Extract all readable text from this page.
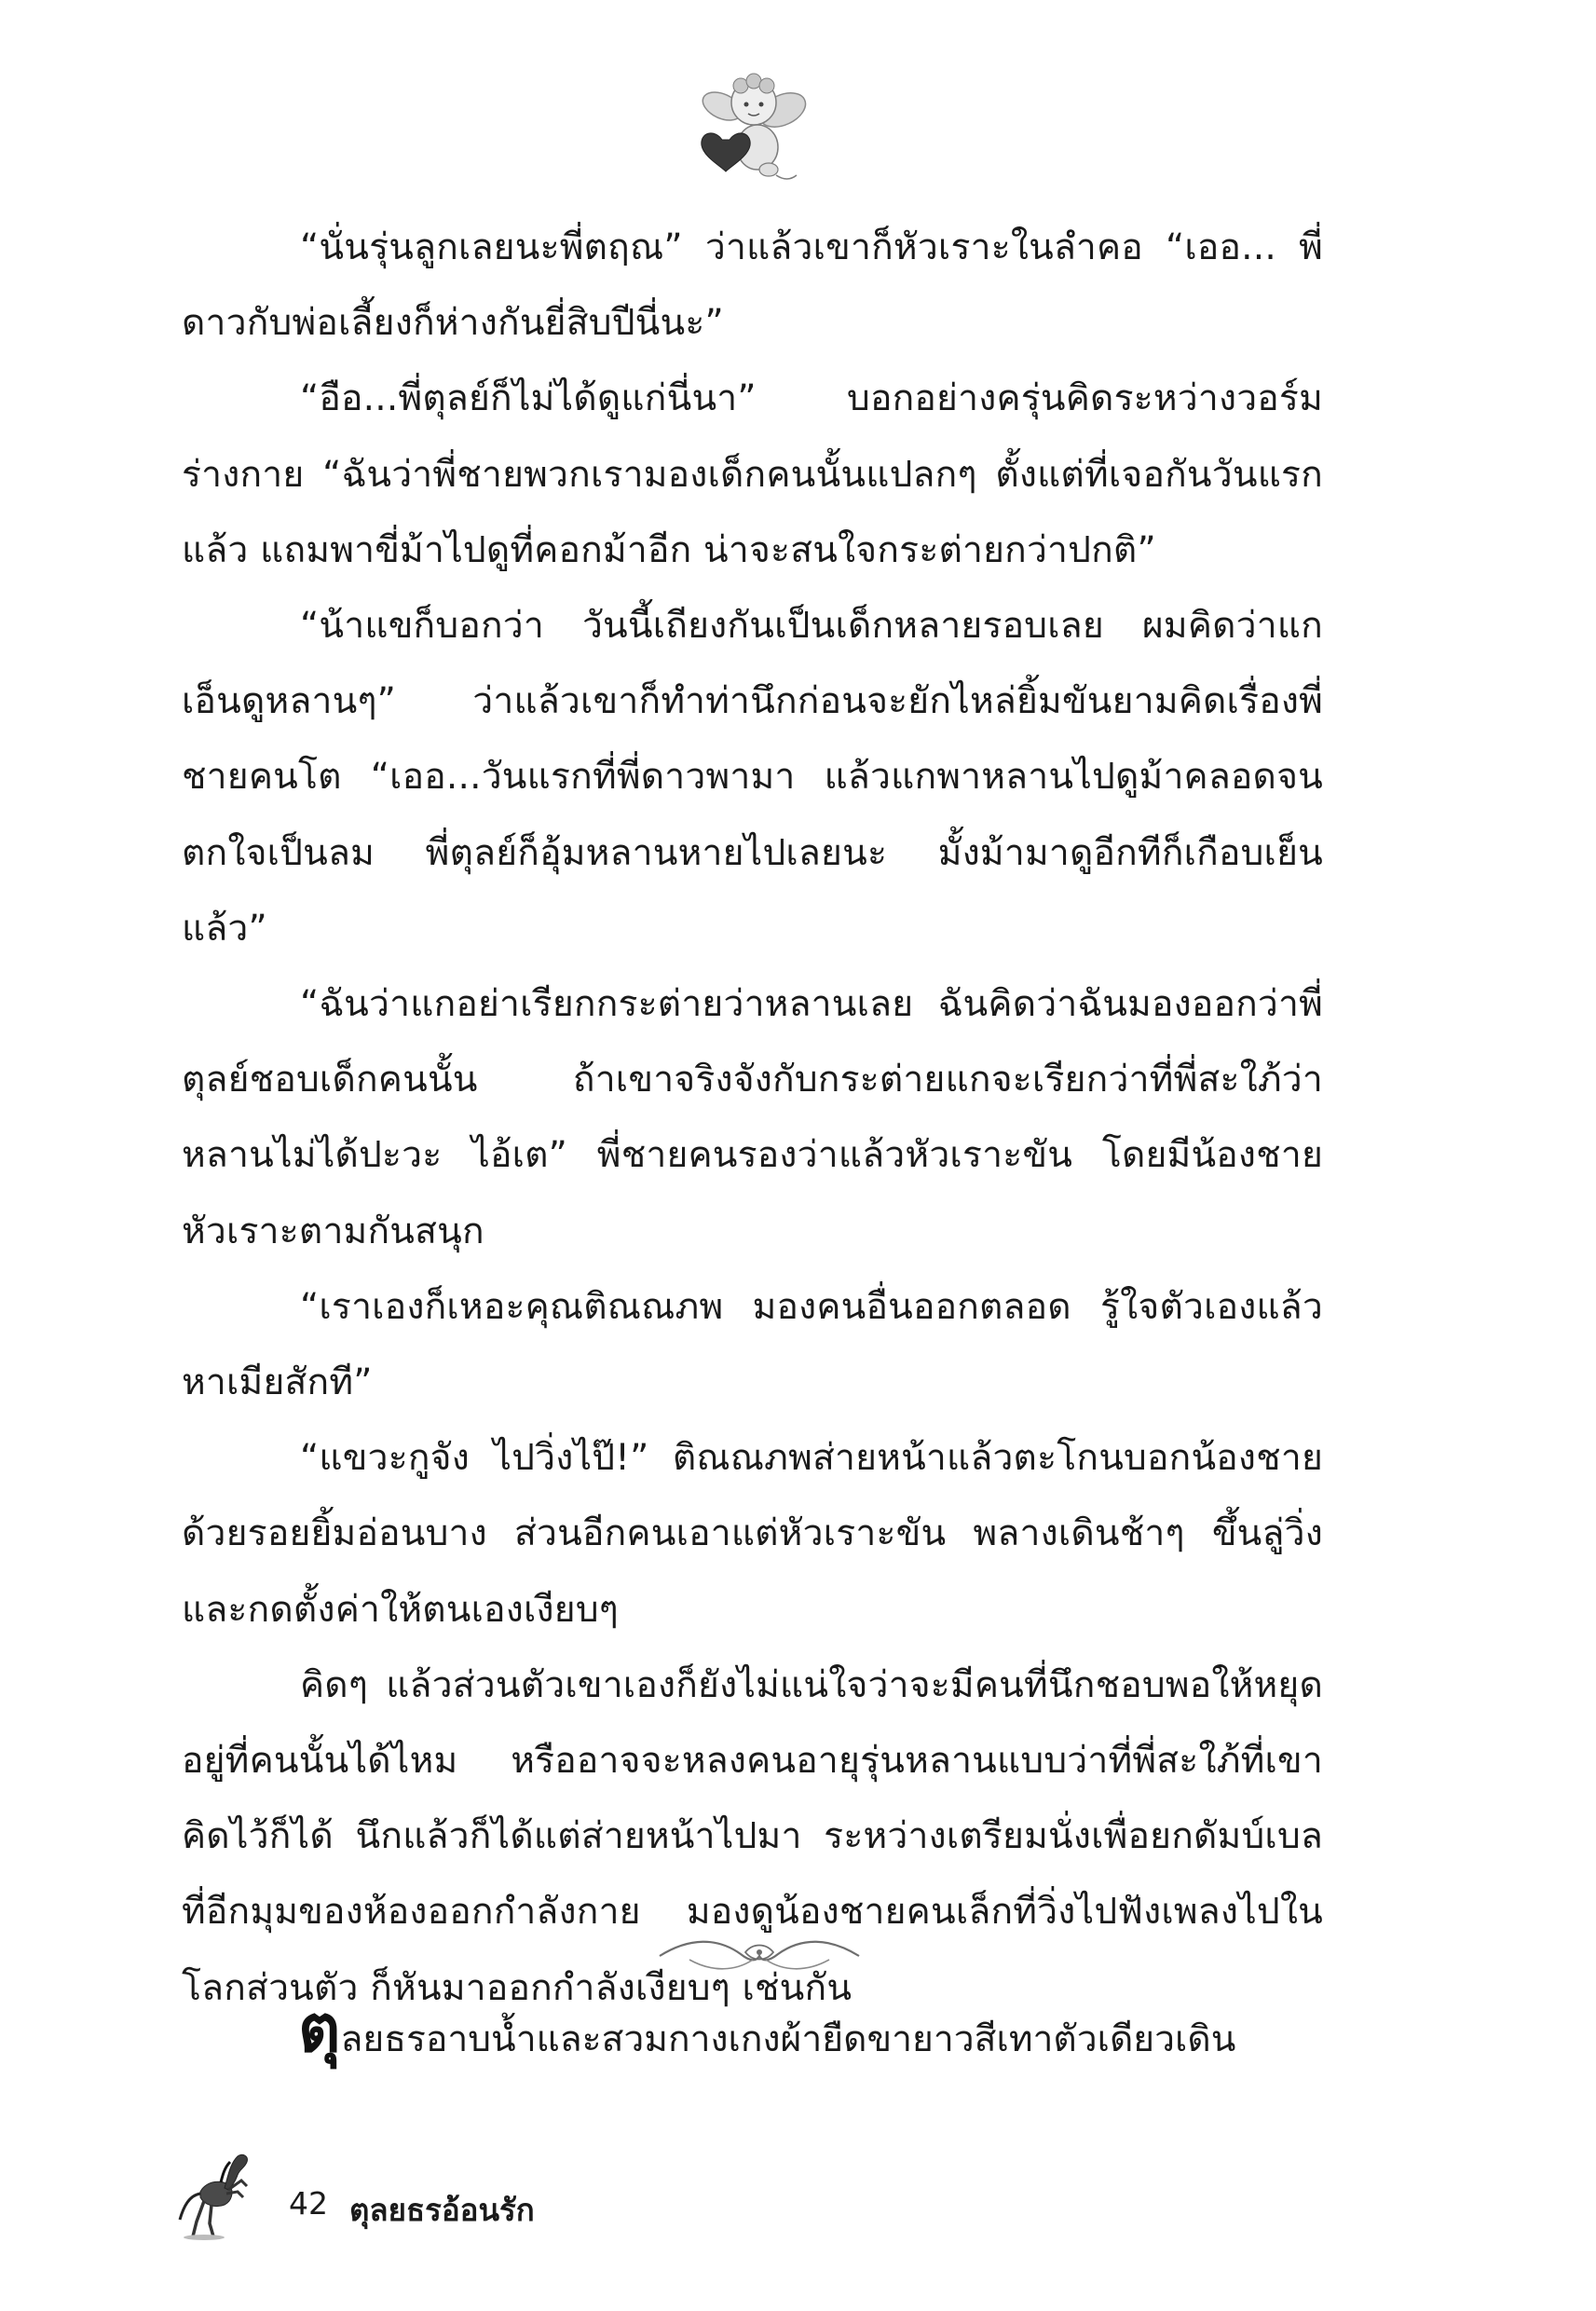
“นั่นรุ่นลูกเลยนะพี่ตฤณ” ว่าแล้วเขาก็หัวเราะในลำคอ “เออ... พี่ดาวกับพ่อเลี้ยงก็ห่างกันยี่สิบปีนี่นะ”

“อือ...พี่ตุลย์ก็ไม่ได้ดูแก่นี่นา” บอกอย่างครุ่นคิดระหว่างวอร์มร่างกาย “ฉันว่าพี่ชายพวกเรามองเด็กคนนั้นแปลกๆ ตั้งแต่ที่เจอกันวันแรกแล้ว แถมพาขี่ม้าไปดูที่คอกม้าอีก น่าจะสนใจกระต่ายกว่าปกติ”

“น้าแขก็บอกว่า วันนี้เถียงกันเป็นเด็กหลายรอบเลย ผมคิดว่าแกเอ็นดูหลานๆ” ว่าแล้วเขาก็ทำท่านึกก่อนจะยักไหล่ยิ้มขันยามคิดเรื่องพี่ชายคนโต “เออ...วันแรกที่พี่ดาวพามา แล้วแกพาหลานไปดูม้าคลอดจนตกใจเป็นลม พี่ตุลย์ก็อุ้มหลานหายไปเลยนะ มั้งม้ามาดูอีกทีก็เกือบเย็นแล้ว”

“ฉันว่าแกอย่าเรียกกระต่ายว่าหลานเลย ฉันคิดว่าฉันมองออกว่าพี่ตุลย์ชอบเด็กคนนั้น ถ้าเขาจริงจังกับกระต่ายแกจะเรียกว่าที่พี่สะใภ้ว่าหลานไม่ได้ปะวะ ไอ้เต” พี่ชายคนรองว่าแล้วหัวเราะขัน โดยมีน้องชายหัวเราะตามกันสนุก

“เราเองก็เหอะคุณติณณภพ มองคนอื่นออกตลอด รู้ใจตัวเองแล้วหาเมียสักที”

“แขวะกูจัง ไปวิ่งไป๊!” ติณณภพส่ายหน้าแล้วตะโกนบอกน้องชายด้วยรอยยิ้มอ่อนบาง ส่วนอีกคนเอาแต่หัวเราะขัน พลางเดินช้าๆ ขึ้นลู่วิ่งและกดตั้งค่าให้ตนเองเงียบๆ

คิดๆ แล้วส่วนตัวเขาเองก็ยังไม่แน่ใจว่าจะมีคนที่นึกชอบพอให้หยุดอยู่ที่คนนั้นได้ไหม หรืออาจจะหลงคนอายุรุ่นหลานแบบว่าที่พี่สะใภ้ที่เขาคิดไว้ก็ได้ นึกแล้วก็ได้แต่ส่ายหน้าไปมา ระหว่างเตรียมนั่งเพื่อยกดัมบ์เบลที่อีกมุมของห้องออกกำลังกาย มองดูน้องชายคนเล็กที่วิ่งไปฟังเพลงไปในโลกส่วนตัว ก็หันมาออกกำลังเงียบๆ เช่นกัน

ตุลยธรอาบน้ำและสวมกางเกงผ้ายืดขายาวสีเทาตัวเดียวเดิน
42 ตุลยธรอ้อนรัก
